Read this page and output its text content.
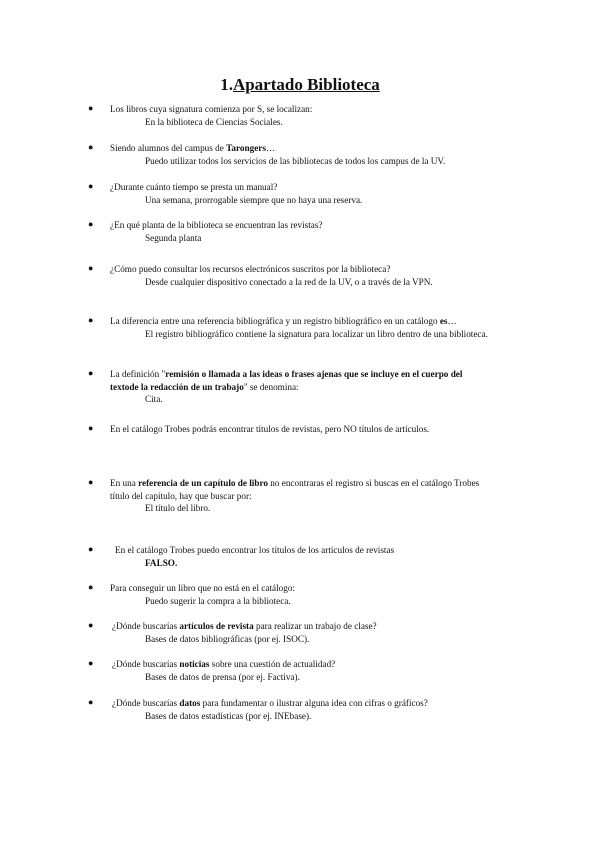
1.Apartado Biblioteca
● Los libros cuya signatura comienza por S, se localizan:
En la biblioteca de Ciencias Sociales.
● Siendo alumnos del campus de Tarongers…
Puedo utilizar todos los servicios de las bibliotecas de todos los campus de la UV.
● ¿Durante cuánto tiempo se presta un manual?
Una semana, prorrogable siempre que no haya una reserva.
● ¿En qué planta de la biblioteca se encuentran las revistas?
Segunda planta
● ¿Cómo puedo consultar los recursos electrónicos suscritos por la biblioteca?
Desde cualquier dispositivo conectado a la red de la UV, o a través de la VPN.
● La diferencia entre una referencia bibliográfica y un registro bibliográfico en un catálogo es…
El registro bibliográfico contiene la signatura para localizar un libro dentro de una biblioteca.
● La definición "remisión o llamada a las ideas o frases ajenas que se incluye en el cuerpo del
textode la redacción de un trabajo" se denomina:
Cita.
● En el catálogo Trobes podrás encontrar títulos de revistas, pero NO títulos de artículos.
● En una referencia de un capítulo de libro no encontraras el registro si buscas en el catálogo Trobes
título del capítulo, hay que buscar por:
El título del libro.
● En el catálogo Trobes puedo encontrar los títulos de los artículos de revistas
FALSO.
● Para conseguir un libro que no está en el catálogo:
Puedo sugerir la compra a la biblioteca.
● ¿Dónde buscarías artículos de revista para realizar un trabajo de clase?
Bases de datos bibliográficas (por ej. ISOC).
● ¿Dónde buscarías noticias sobre una cuestión de actualidad?
Bases de datos de prensa (por ej. Factiva).
● ¿Dónde buscarías datos para fundamentar o ilustrar alguna idea con cifras o gráficos?
Bases de datos estadísticas (por ej. INEbase).
